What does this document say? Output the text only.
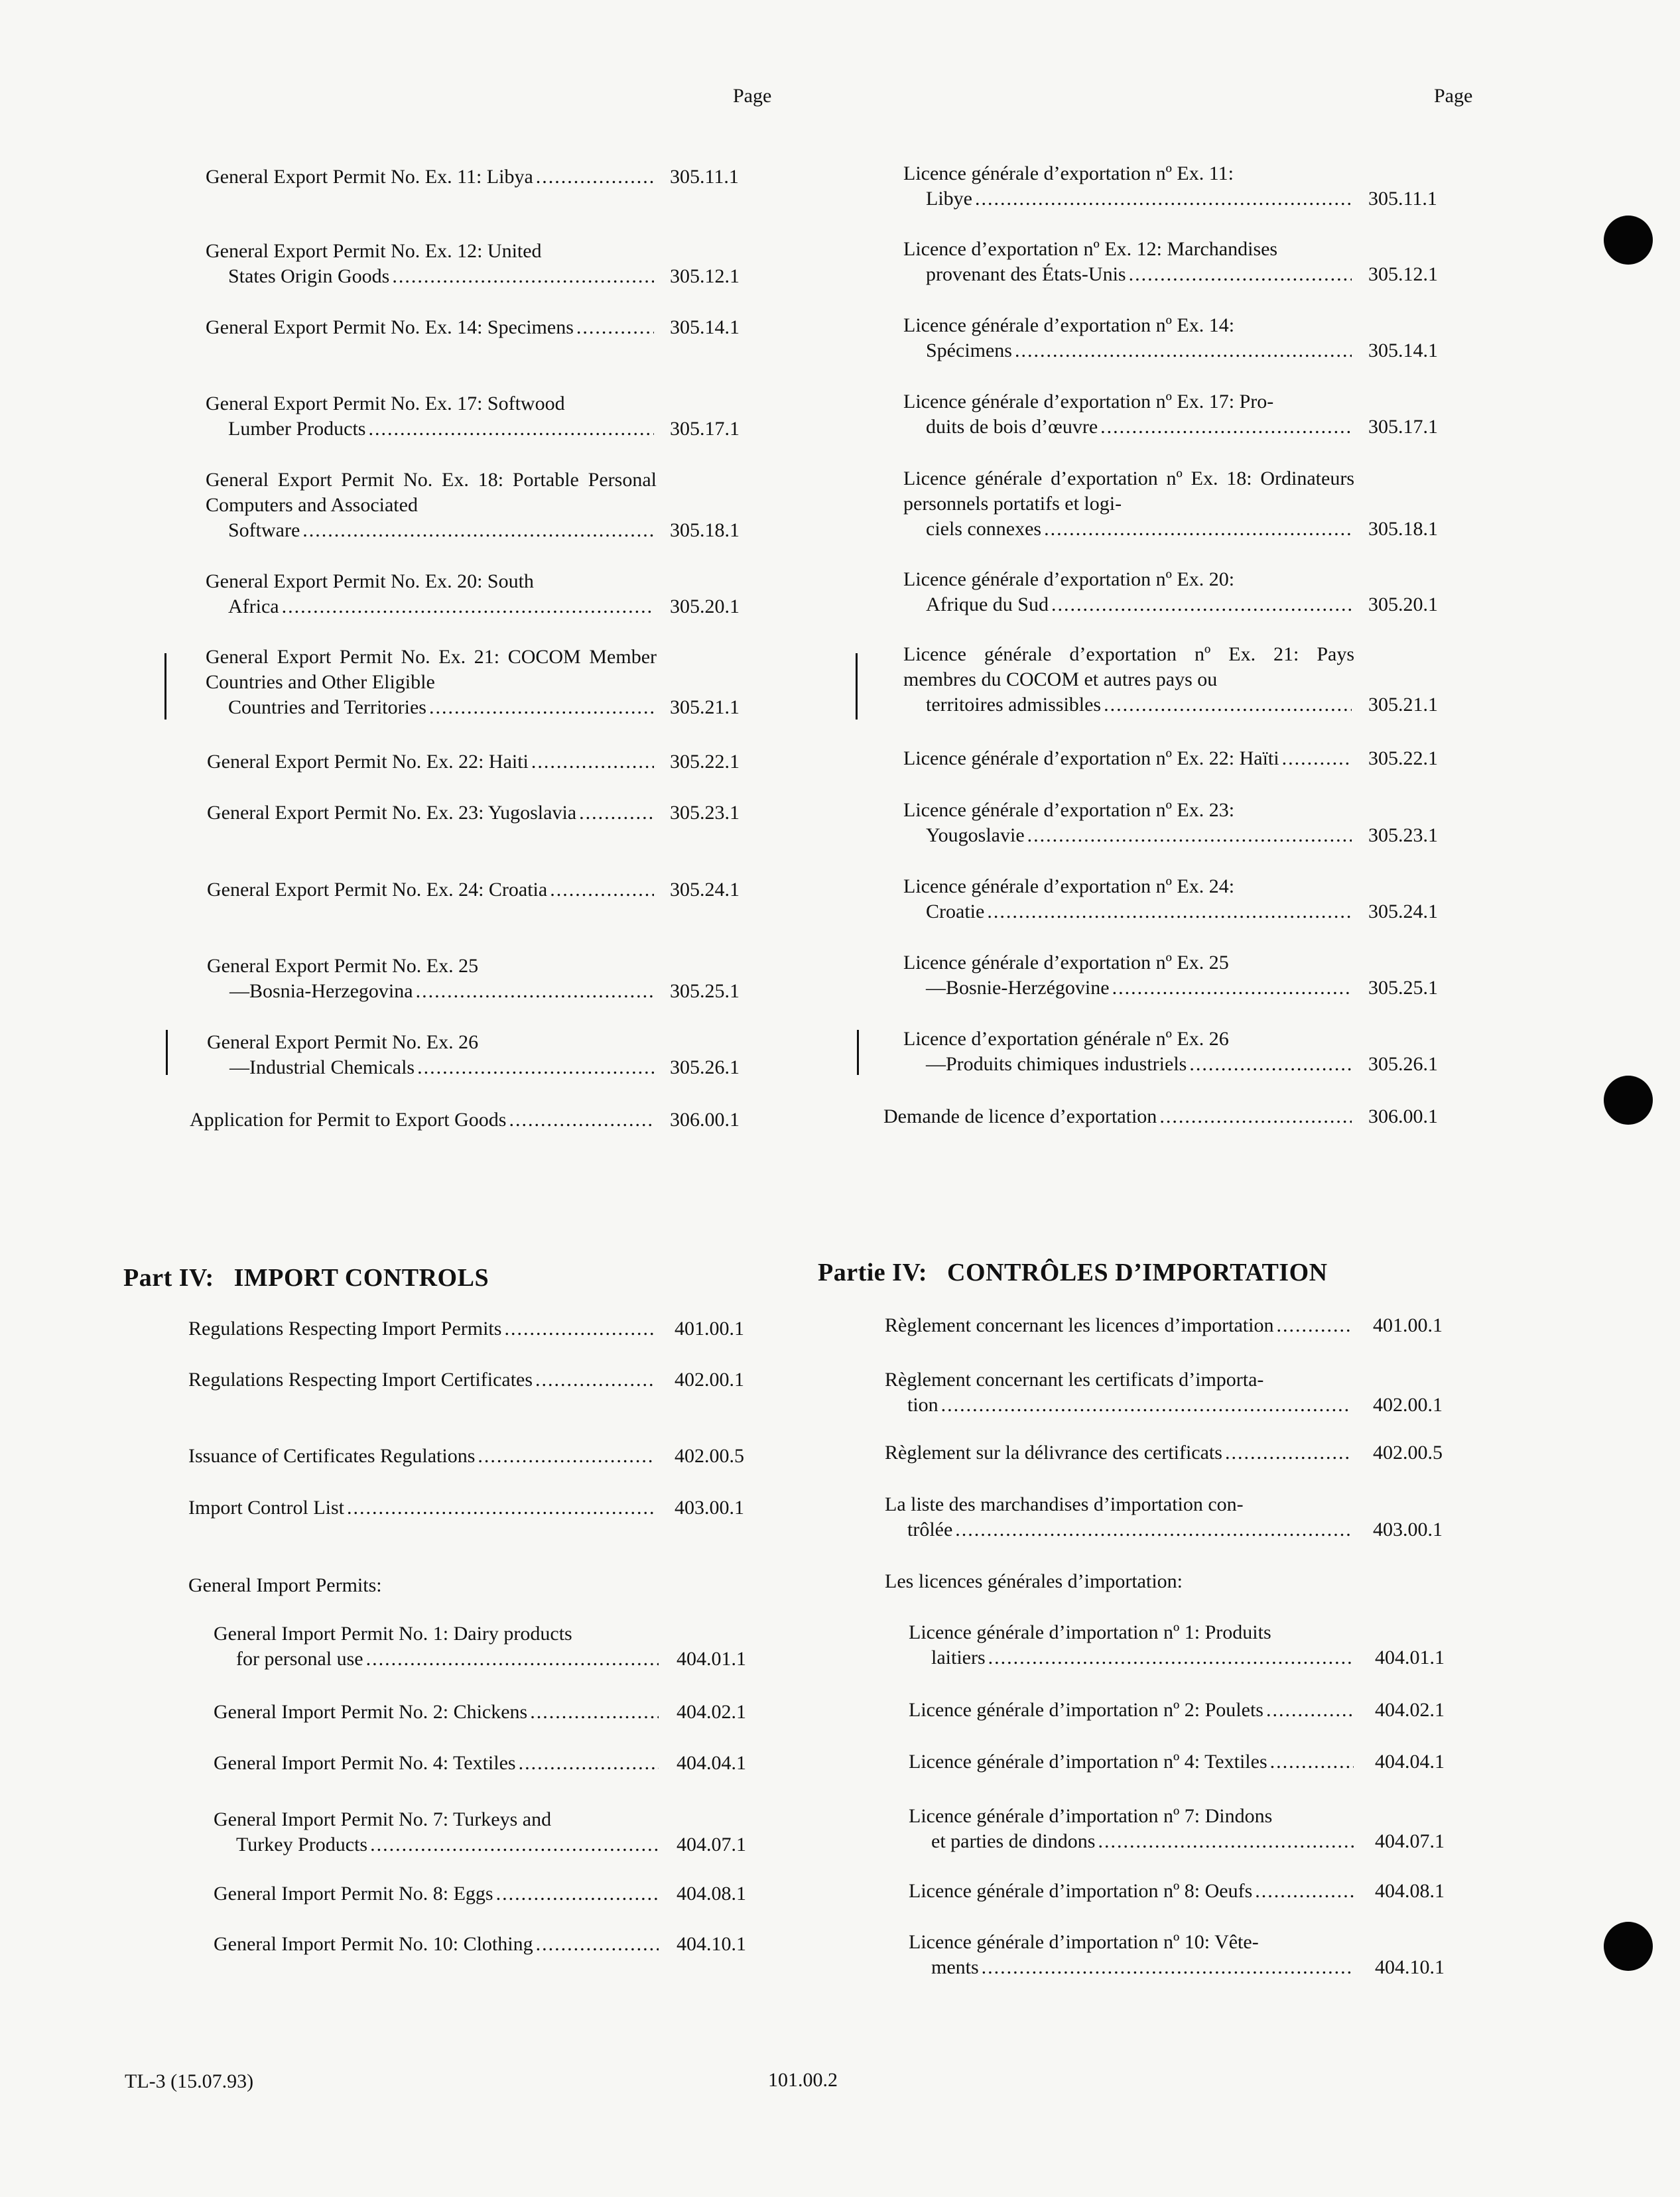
Page	Page
General Export Permit No. Ex. 11: Libya .....	305.11.1
General Export Permit No. Ex. 12: United
States Origin Goods .....	305.12.1
General Export Permit No. Ex. 14: Specimens .....	305.14.1
General Export Permit No. Ex. 17: Softwood
Lumber Products .....	305.17.1
General Export Permit No. Ex. 18: Portable Personal Computers and Associated
Software .....	305.18.1
General Export Permit No. Ex. 20: South
Africa .....	305.20.1
General Export Permit No. Ex. 21: COCOM Member Countries and Other Eligible
Countries and Territories .....	305.21.1
General Export Permit No. Ex. 22: Haiti .....	305.22.1
General Export Permit No. Ex. 23: Yugoslavia .....	305.23.1
General Export Permit No. Ex. 24: Croatia .....	305.24.1
General Export Permit No. Ex. 25
—Bosnia-Herzegovina .....	305.25.1
General Export Permit No. Ex. 26
—Industrial Chemicals .....	305.26.1
Application for Permit to Export Goods .....	306.00.1
Licence générale d’exportation nº Ex. 11:
Libye .....	305.11.1
Licence d’exportation nº Ex. 12: Marchandises
provenant des États-Unis .....	305.12.1
Licence générale d’exportation nº Ex. 14:
Spécimens .....	305.14.1
Licence générale d’exportation nº Ex. 17: Pro-
duits de bois d’œuvre .....	305.17.1
Licence générale d’exportation nº Ex. 18: Ordinateurs personnels portatifs et logi-
ciels connexes .....	305.18.1
Licence générale d’exportation nº Ex. 20:
Afrique du Sud .....	305.20.1
Licence générale d’exportation nº Ex. 21: Pays membres du COCOM et autres pays ou
territoires admissibles .....	305.21.1
Licence générale d’exportation nº Ex. 22: Haïti .....	305.22.1
Licence générale d’exportation nº Ex. 23:
Yougoslavie .....	305.23.1
Licence générale d’exportation nº Ex. 24:
Croatie .....	305.24.1
Licence générale d’exportation nº Ex. 25
—Bosnie-Herzégovine .....	305.25.1
Licence d’exportation générale nº Ex. 26
—Produits chimiques industriels .....	305.26.1
Demande de licence d’exportation .....	306.00.1
Regulations Respecting Import Permits .....	401.00.1
Regulations Respecting Import Certificates .....	402.00.1
Issuance of Certificates Regulations .....	402.00.5
Import Control List .....	403.00.1
Règlement concernant les licences d’importation .....	401.00.1
Règlement concernant les certificats d’importa-
tion .....	402.00.1
Règlement sur la délivrance des certificats .....	402.00.5
La liste des marchandises d’importation con-
trôlée .....	403.00.1
General Import Permit No. 1: Dairy products
for personal use .....	404.01.1
General Import Permit No. 2: Chickens .....	404.02.1
General Import Permit No. 4: Textiles .....	404.04.1
General Import Permit No. 7: Turkeys and
Turkey Products .....	404.07.1
General Import Permit No. 8: Eggs .....	404.08.1
General Import Permit No. 10: Clothing .....	404.10.1
Licence générale d’importation nº 1: Produits
laitiers .....	404.01.1
Licence générale d’importation nº 2: Poulets .....	404.02.1
Licence générale d’importation nº 4: Textiles .....	404.04.1
Licence générale d’importation nº 7: Dindons
et parties de dindons .....	404.07.1
Licence générale d’importation nº 8: Oeufs .....	404.08.1
Licence générale d’importation nº 10: Vête-
ments .....	404.10.1
Part IV:   IMPORT CONTROLS	Partie IV:   CONTRÔLES D’IMPORTATION
General Import Permits:	Les licences générales d’importation:
TL-3 (15.07.93)	101.00.2
